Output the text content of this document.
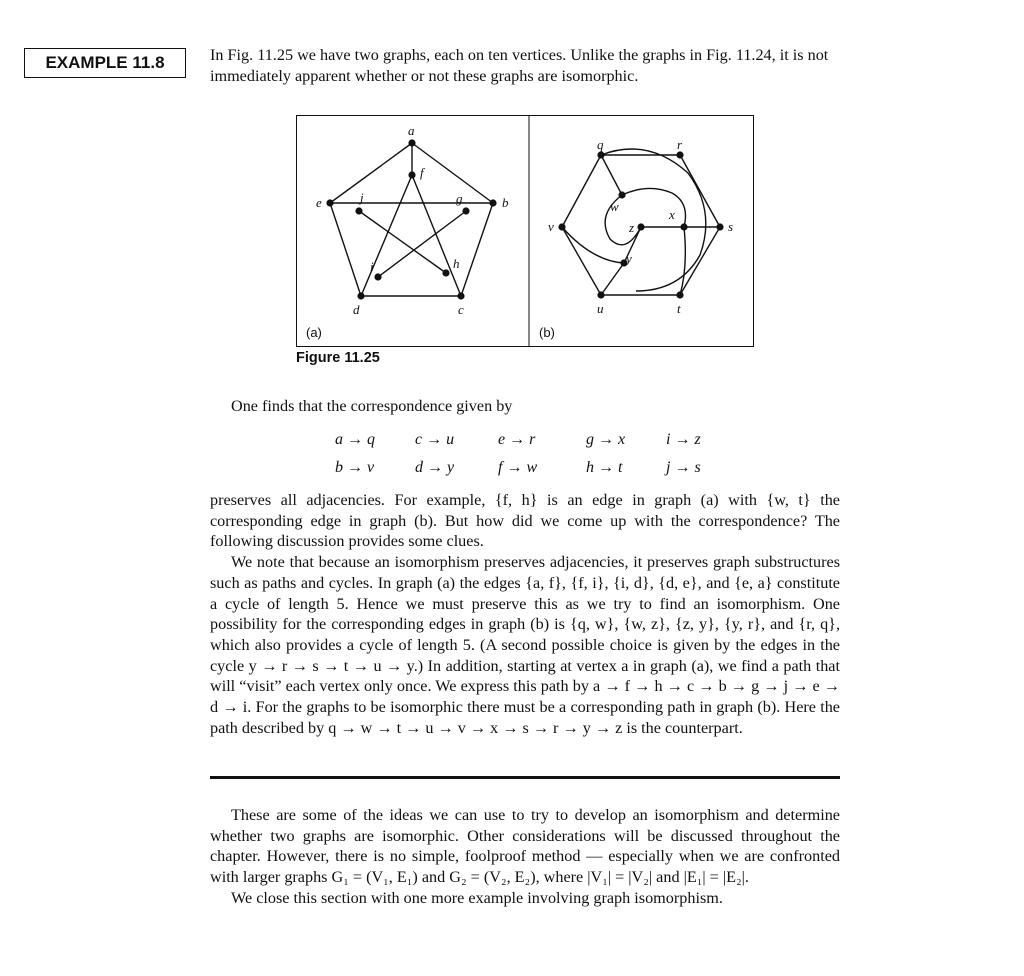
EXAMPLE 11.8	In Fig. 11.25 we have two graphs, each on ten vertices. Unlike the graphs in Fig. 11.24, it is not immediately apparent whether or not these graphs are isomorphic.

a
b
c
d
e
f
g
h
i
j
(a)
q	r
s
t
u
v
w
x
y
z
(b)
Figure 11.25

One finds that the correspondence given by

a → q	c → u	e → r	g → x	i → z
b → v	d → y	f → w	h → t	j → s

preserves all adjacencies. For example, {f, h} is an edge in graph (a) with {w, t} the corresponding edge in graph (b). But how did we come up with the correspondence? The following discussion provides some clues.

We note that because an isomorphism preserves adjacencies, it preserves graph substructures such as paths and cycles. In graph (a) the edges {a, f}, {f, i}, {i, d}, {d, e}, and {e, a} constitute a cycle of length 5. Hence we must preserve this as we try to find an isomorphism. One possibility for the corresponding edges in graph (b) is {q, w}, {w, z}, {z, y}, {y, r}, and {r, q}, which also provides a cycle of length 5. (A second possible choice is given by the edges in the cycle y → r → s → t → u → y.) In addition, starting at vertex a in graph (a), we find a path that will “visit” each vertex only once. We express this path by a → f → h → c → b → g → j → e → d → i. For the graphs to be isomorphic there must be a corresponding path in graph (b). Here the path described by q → w → t → u → v → x → s → r → y → z is the counterpart.

These are some of the ideas we can use to try to develop an isomorphism and determine whether two graphs are isomorphic. Other considerations will be discussed throughout the chapter. However, there is no simple, foolproof method — especially when we are confronted with larger graphs G₁ = (V₁, E₁) and G₂ = (V₂, E₂), where |V₁| = |V₂| and |E₁| = |E₂|.

We close this section with one more example involving graph isomorphism.
